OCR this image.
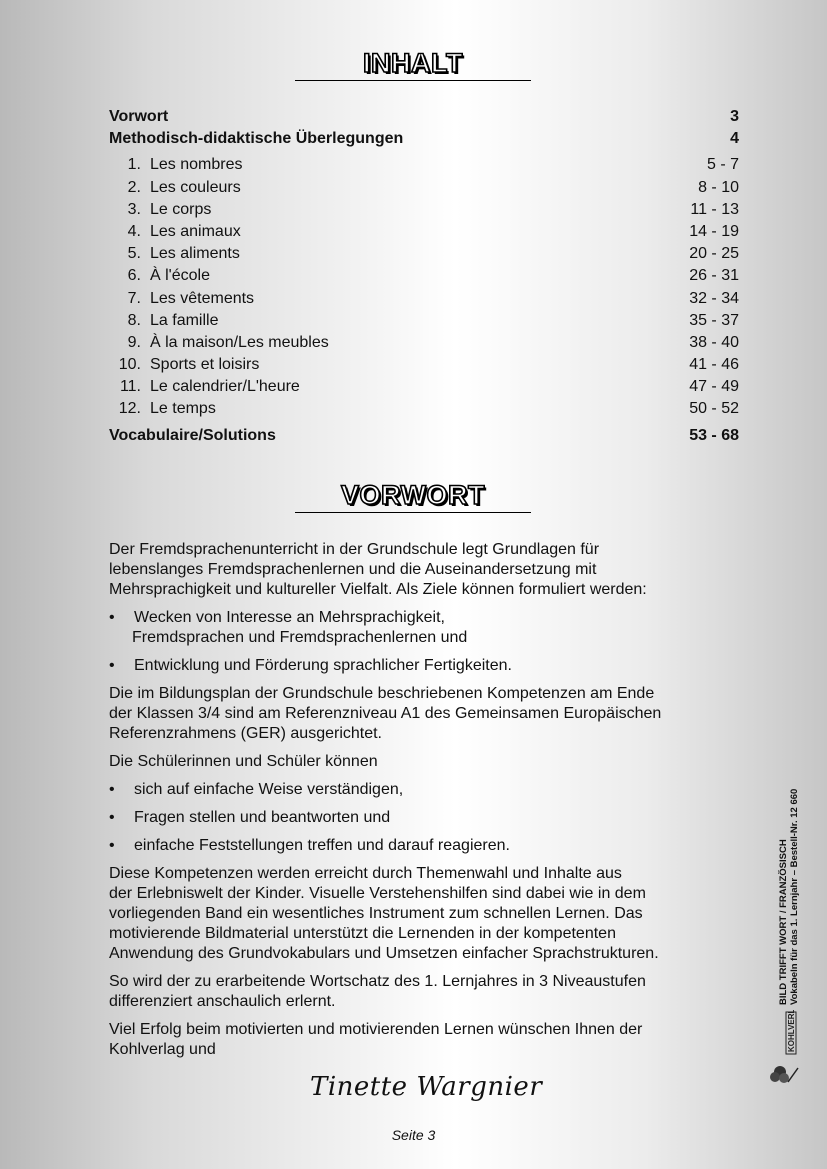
INHALT
Vorwort	3
Methodisch-didaktische Überlegungen	4
1. Les nombres	5 - 7
2. Les couleurs	8 - 10
3. Le corps	11 - 13
4. Les animaux	14 - 19
5. Les aliments	20 - 25
6. À l'école	26 - 31
7. Les vêtements	32 - 34
8. La famille	35 - 37
9. À la maison/Les meubles	38 - 40
10. Sports et loisirs	41 - 46
11. Le calendrier/L'heure	47 - 49
12. Le temps	50 - 52
Vocabulaire/Solutions	53 - 68
VORWORT

Der Fremdsprachenunterricht in der Grundschule legt Grundlagen für
lebenslanges Fremdsprachenlernen und die Auseinandersetzung mit
Mehrsprachigkeit und kultureller Vielfalt. Als Ziele können formuliert werden:

• Wecken von Interesse an Mehrsprachigkeit,
Fremdsprachen und Fremdsprachenlernen und
• Entwicklung und Förderung sprachlicher Fertigkeiten.

Die im Bildungsplan der Grundschule beschriebenen Kompetenzen am Ende
der Klassen 3/4 sind am Referenzniveau A1 des Gemeinsamen Europäischen
Referenzrahmens (GER) ausgerichtet.

Die Schülerinnen und Schüler können

• sich auf einfache Weise verständigen,
• Fragen stellen und beantworten und
• einfache Feststellungen treffen und darauf reagieren.

Diese Kompetenzen werden erreicht durch Themenwahl und Inhalte aus
der Erlebniswelt der Kinder. Visuelle Verstehenshilfen sind dabei wie in dem
vorliegenden Band ein wesentliches Instrument zum schnellen Lernen. Das
motivierende Bildmaterial unterstützt die Lernenden in der kompetenten
Anwendung des Grundvokabulars und Umsetzen einfacher Sprachstrukturen.

So wird der zu erarbeitende Wortschatz des 1. Lernjahres in 3 Niveaustufen
differenziert anschaulich erlernt.

Viel Erfolg beim motivierten und motivierenden Lernen wünschen Ihnen der
Kohlverlag und

Tinette Wargnier
Seite 3
BILD TRIFFT WORT / FRANZÖSISCH Vokabeln für das 1. Lernjahr – Bestell-Nr. 12 660
KOHLVERLAG
